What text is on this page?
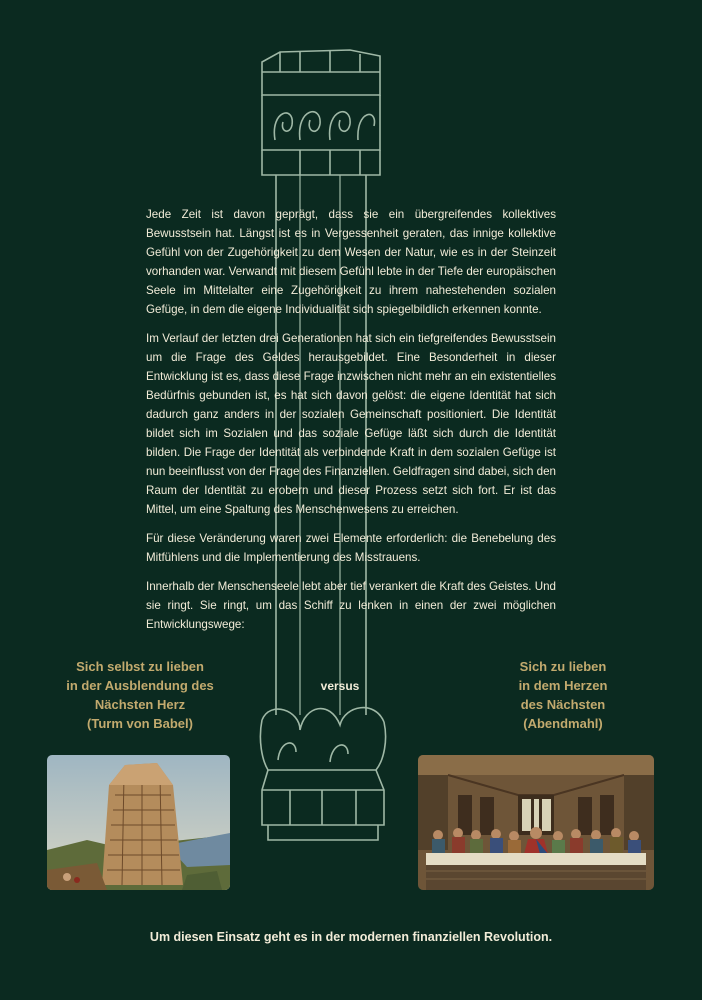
Jede Zeit ist davon geprägt, dass sie ein übergreifendes kollektives Bewusstsein hat. Längst ist es in Vergessenheit geraten, das innige kollektive Gefühl von der Zugehörigkeit zu dem Wesen der Natur, wie es in der Steinzeit vorhanden war. Verwandt mit diesem Gefühl lebte in der Tiefe der europäischen Seele im Mittelalter eine Zugehörigkeit zu ihrem nahestehenden sozialen Gefüge, in dem die eigene Individualität sich spiegelbildlich erkennen konnte.

Im Verlauf der letzten drei Generationen hat sich ein tiefgreifendes Bewusstsein um die Frage des Geldes herausgebildet. Eine Besonderheit in dieser Entwicklung ist es, dass diese Frage inzwischen nicht mehr an ein existentielles Bedürfnis gebunden ist, es hat sich davon gelöst: die eigene Identität hat sich dadurch ganz anders in der sozialen Gemeinschaft positioniert. Die Identität bildet sich im Sozialen und das soziale Gefüge läßt sich durch die Identität bilden. Die Frage der Identität als verbindende Kraft in dem sozialen Gefüge ist nun beeinflusst von der Frage des Finanziellen. Geldfragen sind dabei, sich den Raum der Identität zu erobern und dieser Prozess setzt sich fort. Er ist das Mittel, um eine Spaltung des Menschenwesens zu erreichen.

Für diese Veränderung waren zwei Elemente erforderlich: die Benebelung des Mitfühlens und die Implementierung des Misstrauens.

Innerhalb der Menschenseele lebt aber tief verankert die Kraft des Geistes. Und sie ringt. Sie ringt, um das Schiff zu lenken in einen der zwei möglichen Entwicklungswege:

Sich selbst zu lieben
in der Ausblendung des
Nächsten Herz
(Turm von Babel)
versus
Sich zu lieben
in dem Herzen
des Nächsten
(Abendmahl)
Um diesen Einsatz geht es in der modernen finanziellen Revolution.
